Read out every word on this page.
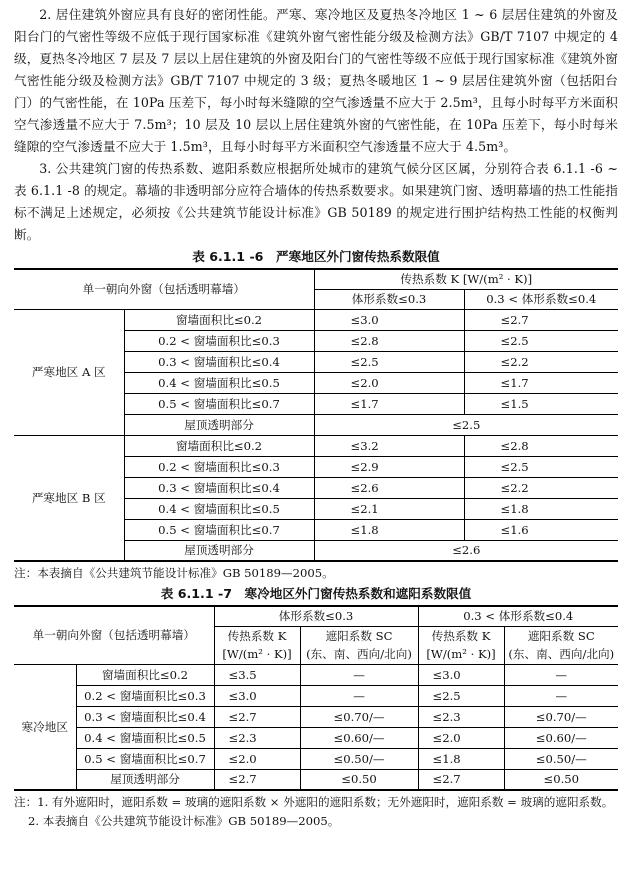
2. 居住建筑外窗应具有良好的密闭性能。严寒、寒冷地区及夏热冬冷地区 1 ~ 6 层居住建筑的外窗及阳台门的气密性等级不应低于现行国家标准《建筑外窗气密性能分级及检测方法》GB/T 7107 中规定的 4 级，夏热冬冷地区 7 层及 7 层以上居住建筑的外窗及阳台门的气密性等级不应低于现行国家标准《建筑外窗气密性能分级及检测方法》GB/T 7107 中规定的 3 级；夏热冬暖地区 1 ~ 9 层居住建筑外窗（包括阳台门）的气密性能，在 10Pa 压差下，每小时每米缝隙的空气渗透量不应大于 2.5m³，且每小时每平方米面积空气渗透量不应大于 7.5m³；10 层及 10 层以上居住建筑外窗的气密性能，在 10Pa 压差下，每小时每米缝隙的空气渗透量不应大于 1.5m³，且每小时每平方米面积空气渗透量不应大于 4.5m³。

3. 公共建筑门窗的传热系数、遮阳系数应根据所处城市的建筑气候分区区属，分别符合表 6.1.1 -6 ~ 表 6.1.1 -8 的规定。幕墙的非透明部分应符合墙体的传热系数要求。如果建筑门窗、透明幕墙的热工性能指标不满足上述规定，必须按《公共建筑节能设计标准》GB 50189 的规定进行围护结构热工性能的权衡判断。

表 6.1.1 -6　严寒地区外门窗传热系数限值

单一朝向外窗（包括透明幕墙）		传热系数 K [W/(m² · K)]	
		体形系数≤0.3	0.3 < 体形系数≤0.4
严寒地区 A 区	窗墙面积比≤0.2	≤3.0	≤2.7
	0.2 < 窗墙面积比≤0.3	≤2.8	≤2.5
	0.3 < 窗墙面积比≤0.4	≤2.5	≤2.2
	0.4 < 窗墙面积比≤0.5	≤2.0	≤1.7
	0.5 < 窗墙面积比≤0.7	≤1.7	≤1.5
	屋顶透明部分	≤2.5	
严寒地区 B 区	窗墙面积比≤0.2	≤3.2	≤2.8
	0.2 < 窗墙面积比≤0.3	≤2.9	≤2.5
	0.3 < 窗墙面积比≤0.4	≤2.6	≤2.2
	0.4 < 窗墙面积比≤0.5	≤2.1	≤1.8
	0.5 < 窗墙面积比≤0.7	≤1.8	≤1.6
	屋顶透明部分	≤2.6	

注：本表摘自《公共建筑节能设计标准》GB 50189—2005。

表 6.1.1 -7　寒冷地区外门窗传热系数和遮阳系数限值

单一朝向外窗（包括透明幕墙）		体形系数≤0.3		0.3 < 体形系数≤0.4	
		传热系数 K	遮阳系数 SC	传热系数 K	遮阳系数 SC
		[W/(m² · K)]	(东、南、西向/北向)	[W/(m² · K)]	(东、南、西向/北向)
寒冷地区	窗墙面积比≤0.2	≤3.5	—	≤3.0	—
	0.2 < 窗墙面积比≤0.3	≤3.0	—	≤2.5	—
	0.3 < 窗墙面积比≤0.4	≤2.7	≤0.70/—	≤2.3	≤0.70/—
	0.4 < 窗墙面积比≤0.5	≤2.3	≤0.60/—	≤2.0	≤0.60/—
	0.5 < 窗墙面积比≤0.7	≤2.0	≤0.50/—	≤1.8	≤0.50/—
	屋顶透明部分	≤2.7	≤0.50	≤2.7	≤0.50

注：1. 有外遮阳时，遮阳系数 = 玻璃的遮阳系数 × 外遮阳的遮阳系数；无外遮阳时，遮阳系数 = 玻璃的遮阳系数。

2. 本表摘自《公共建筑节能设计标准》GB 50189—2005。
